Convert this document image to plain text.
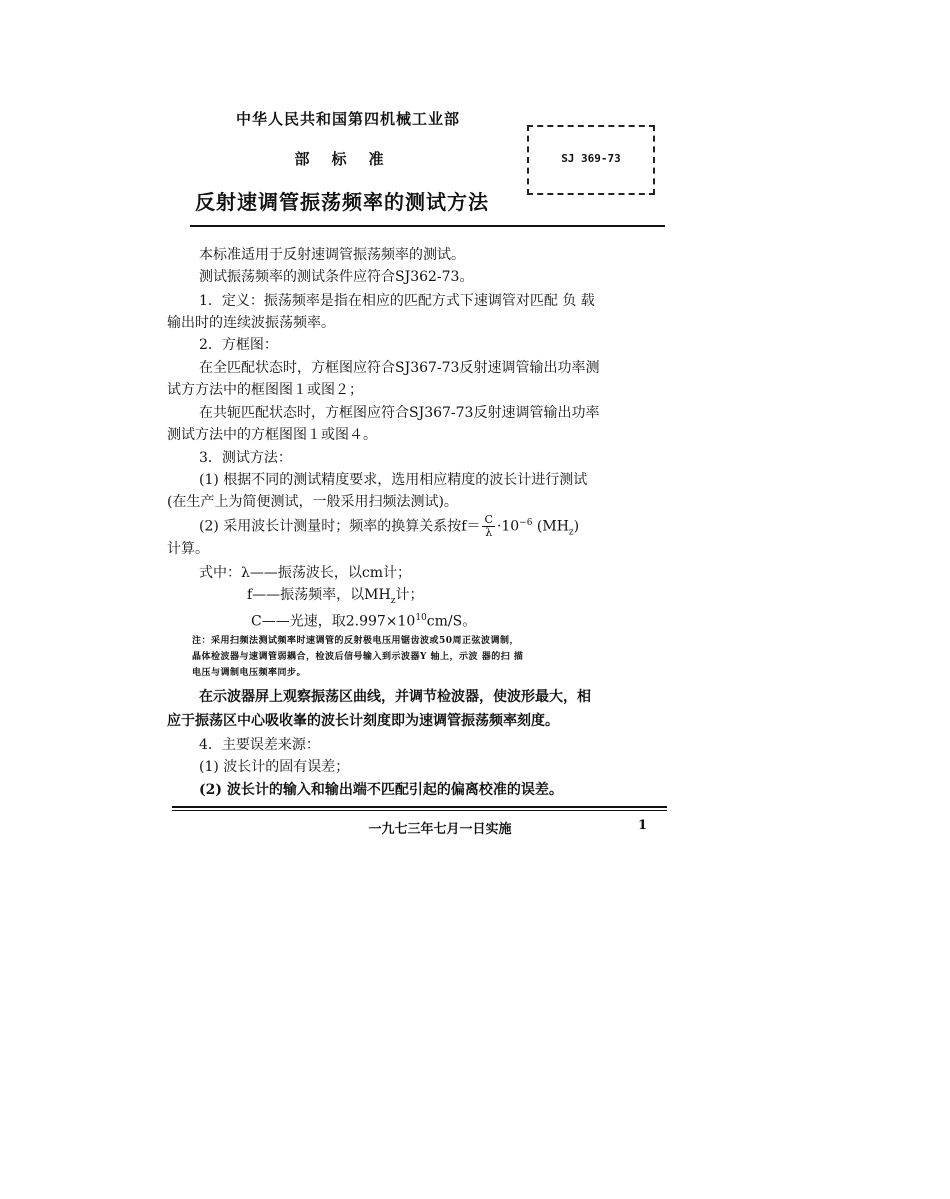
中华人民共和国第四机械工业部
部标准
反射速调管振荡频率的测试方法
SJ 369-73
本标准适用于反射速调管振荡频率的测试。
测试振荡频率的测试条件应符合SJ362-73。
1．定义：振荡频率是指在相应的匹配方式下速调管对匹配 负 载
输出时的连续波振荡频率。
2．方框图：
在全匹配状态时，方框图应符合SJ367-73反射速调管输出功率测
试方方法中的框图图１或图２；
在共轭匹配状态时，方框图应符合SJ367-73反射速调管输出功率
测试方法中的方框图图１或图４。
3．测试方法：
(1) 根据不同的测试精度要求，选用相应精度的波长计进行测试
(在生产上为简便测试，一般采用扫频法测试)。
(2) 采用波长计测量时；频率的换算关系按$f= \frac{C}{\lambda} \cdot 10^{-6}$ $(MH_z)$
计算。
式中：λ——振荡波长，以cm计；
f——振荡频率，以$MH_z$计；
C——光速，取$2.997\times 10^{10}cm/S$。
注：采用扫频法测试频率时速调管的反射极电压用锯齿波或50周正弦波调制，
晶体检波器与速调管弱耦合，检波后信号输入到示波器Y 轴上，示波 器的扫 描
电压与调制电压频率同步。
在示波器屏上观察振荡区曲线，并调节检波器，使波形最大，相
应于振荡区中心吸收峯的波长计刻度即为速调管振荡频率刻度。
4．主要误差来源：
(1) 波长计的固有误差；
(2) 波长计的输入和输出端不匹配引起的偏离校准的误差。
一九七三年七月一日实施	1
